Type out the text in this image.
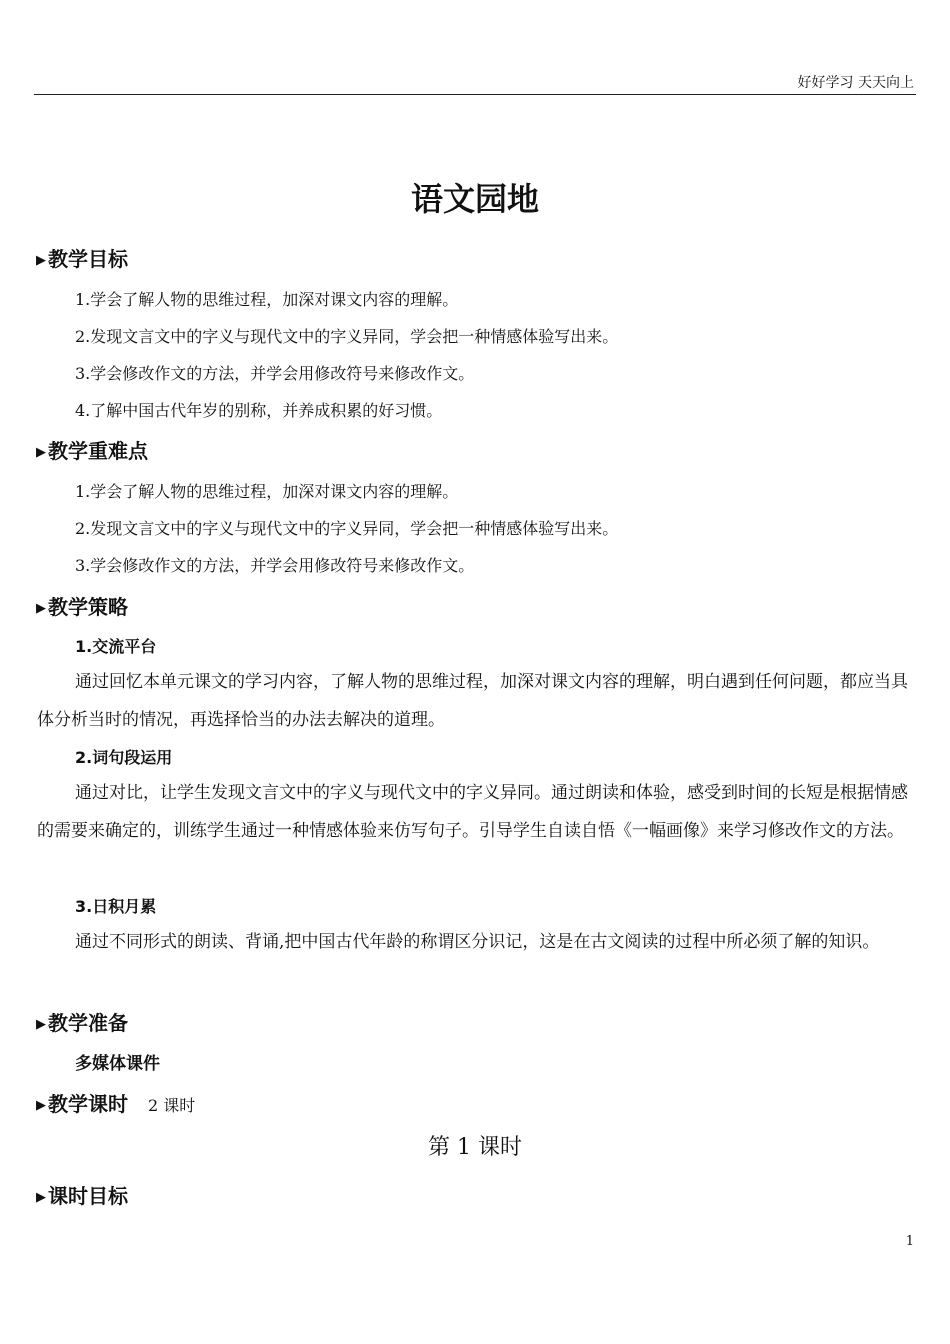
好好学习 天天向上
语文园地
▶ 教学目标
1.学会了解人物的思维过程，加深对课文内容的理解。
2.发现文言文中的字义与现代文中的字义异同，学会把一种情感体验写出来。
3.学会修改作文的方法，并学会用修改符号来修改作文。
4.了解中国古代年岁的别称，并养成积累的好习惯。
▶ 教学重难点
1.学会了解人物的思维过程，加深对课文内容的理解。
2.发现文言文中的字义与现代文中的字义异同，学会把一种情感体验写出来。
3.学会修改作文的方法，并学会用修改符号来修改作文。
▶ 教学策略
1.交流平台
通过回忆本单元课文的学习内容，了解人物的思维过程，加深对课文内容的理解，明白遇到任何问题，都应当具体分析当时的情况，再选择恰当的办法去解决的道理。
2.词句段运用
通过对比，让学生发现文言文中的字义与现代文中的字义异同。通过朗读和体验，感受到时间的长短是根据情感的需要来确定的，训练学生通过一种情感体验来仿写句子。引导学生自读自悟《一幅画像》来学习修改作文的方法。
3.日积月累
通过不同形式的朗读、背诵,把中国古代年龄的称谓区分识记，这是在古文阅读的过程中所必须了解的知识。
▶ 教学准备
多媒体课件
▶ 教学课时 2 课时
第 1 课时
▶ 课时目标
1
